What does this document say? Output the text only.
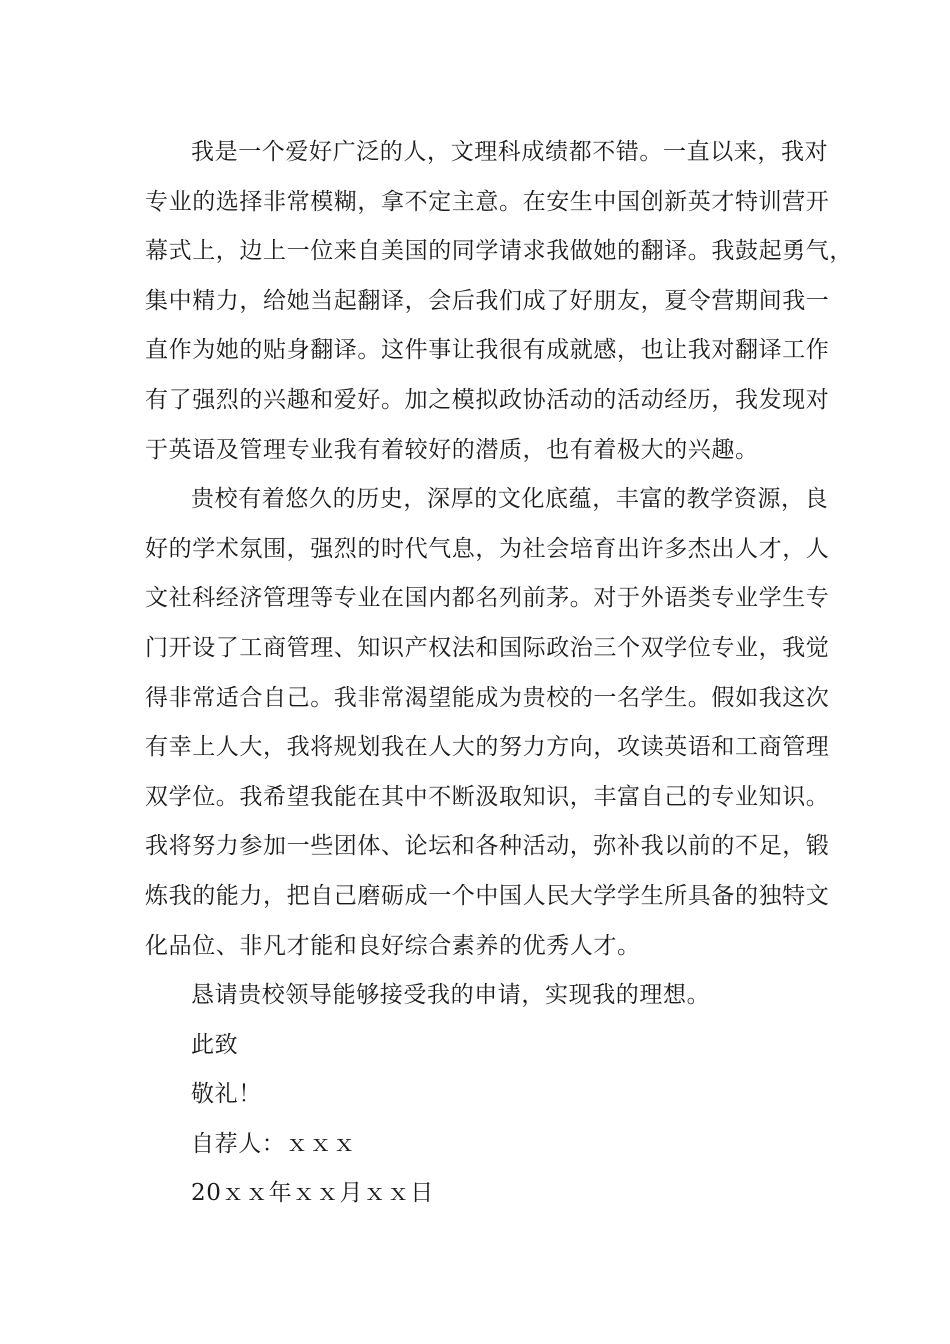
我是一个爱好广泛的人，文理科成绩都不错。一直以来，我对
专业的选择非常模糊，拿不定主意。在安生中国创新英才特训营开
幕式上，边上一位来自美国的同学请求我做她的翻译。我鼓起勇气，
集中精力，给她当起翻译，会后我们成了好朋友，夏令营期间我一
直作为她的贴身翻译。这件事让我很有成就感，也让我对翻译工作
有了强烈的兴趣和爱好。加之模拟政协活动的活动经历，我发现对
于英语及管理专业我有着较好的潜质，也有着极大的兴趣。
贵校有着悠久的历史，深厚的文化底蕴，丰富的教学资源，良
好的学术氛围，强烈的时代气息，为社会培育出许多杰出人才，人
文社科经济管理等专业在国内都名列前茅。对于外语类专业学生专
门开设了工商管理、知识产权法和国际政治三个双学位专业，我觉
得非常适合自己。我非常渴望能成为贵校的一名学生。假如我这次
有幸上人大，我将规划我在人大的努力方向，攻读英语和工商管理
双学位。我希望我能在其中不断汲取知识，丰富自己的专业知识。
我将努力参加一些团体、论坛和各种活动，弥补我以前的不足，锻
炼我的能力，把自己磨砺成一个中国人民大学学生所具备的独特文
化品位、非凡才能和良好综合素养的优秀人才。
恳请贵校领导能够接受我的申请，实现我的理想。
此致
敬礼！
自荐人：ｘｘｘ
20ｘｘ年ｘｘ月ｘｘ日
